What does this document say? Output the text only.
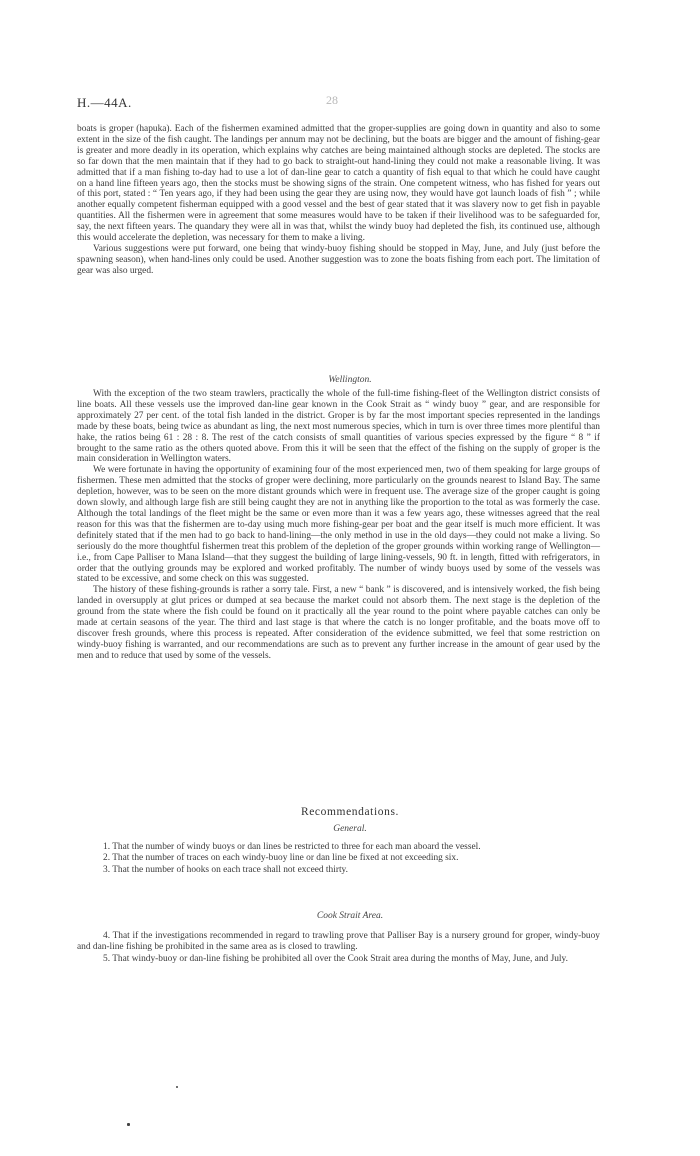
H.—44A.	28

boats is groper (hapuka). Each of the fishermen examined admitted that the groper-supplies are going down in quantity and also to some extent in the size of the fish caught. The landings per annum may not be declining, but the boats are bigger and the amount of fishing-gear is greater and more deadly in its operation, which explains why catches are being maintained although stocks are depleted. The stocks are so far down that the men maintain that if they had to go back to straight-out hand-lining they could not make a reasonable living. It was admitted that if a man fishing to-day had to use a lot of dan-line gear to catch a quantity of fish equal to that which he could have caught on a hand line fifteen years ago, then the stocks must be showing signs of the strain. One competent witness, who has fished for years out of this port, stated : “ Ten years ago, if they had been using the gear they are using now, they would have got launch loads of fish ” ; while another equally competent fisherman equipped with a good vessel and the best of gear stated that it was slavery now to get fish in payable quantities. All the fishermen were in agreement that some measures would have to be taken if their livelihood was to be safeguarded for, say, the next fifteen years. The quandary they were all in was that, whilst the windy buoy had depleted the fish, its continued use, although this would accelerate the depletion, was necessary for them to make a living.

Various suggestions were put forward, one being that windy-buoy fishing should be stopped in May, June, and July (just before the spawning season), when hand-lines only could be used. Another suggestion was to zone the boats fishing from each port. The limitation of gear was also urged.

Wellington.

With the exception of the two steam trawlers, practically the whole of the full-time fishing-fleet of the Wellington district consists of line boats. All these vessels use the improved dan-line gear known in the Cook Strait as “ windy buoy ” gear, and are responsible for approximately 27 per cent. of the total fish landed in the district. Groper is by far the most important species represented in the landings made by these boats, being twice as abundant as ling, the next most numerous species, which in turn is over three times more plentiful than hake, the ratios being 61 : 28 : 8. The rest of the catch consists of small quantities of various species expressed by the figure “ 8 ” if brought to the same ratio as the others quoted above. From this it will be seen that the effect of the fishing on the supply of groper is the main consideration in Wellington waters.

We were fortunate in having the opportunity of examining four of the most experienced men, two of them speaking for large groups of fishermen. These men admitted that the stocks of groper were declining, more particularly on the grounds nearest to Island Bay. The same depletion, however, was to be seen on the more distant grounds which were in frequent use. The average size of the groper caught is going down slowly, and although large fish are still being caught they are not in anything like the proportion to the total as was formerly the case. Although the total landings of the fleet might be the same or even more than it was a few years ago, these witnesses agreed that the real reason for this was that the fishermen are to-day using much more fishing-gear per boat and the gear itself is much more efficient. It was definitely stated that if the men had to go back to hand-lining—the only method in use in the old days—they could not make a living. So seriously do the more thoughtful fishermen treat this problem of the depletion of the groper grounds within working range of Wellington—i.e., from Cape Palliser to Mana Island—that they suggest the building of large lining-vessels, 90 ft. in length, fitted with refrigerators, in order that the outlying grounds may be explored and worked profitably. The number of windy buoys used by some of the vessels was stated to be excessive, and some check on this was suggested.

The history of these fishing-grounds is rather a sorry tale. First, a new “ bank ” is discovered, and is intensively worked, the fish being landed in oversupply at glut prices or dumped at sea because the market could not absorb them. The next stage is the depletion of the ground from the state where the fish could be found on it practically all the year round to the point where payable catches can only be made at certain seasons of the year. The third and last stage is that where the catch is no longer profitable, and the boats move off to discover fresh grounds, where this process is repeated. After consideration of the evidence submitted, we feel that some restriction on windy-buoy fishing is warranted, and our recommendations are such as to prevent any further increase in the amount of gear used by the men and to reduce that used by some of the vessels.

Recommendations.
General.

1. That the number of windy buoys or dan lines be restricted to three for each man aboard the vessel.

2. That the number of traces on each windy-buoy line or dan line be fixed at not exceeding six.

3. That the number of hooks on each trace shall not exceed thirty.

Cook Strait Area.

4. That if the investigations recommended in regard to trawling prove that Palliser Bay is a nursery ground for groper, windy-buoy and dan-line fishing be prohibited in the same area as is closed to trawling.

5. That windy-buoy or dan-line fishing be prohibited all over the Cook Strait area during the months of May, June, and July.
